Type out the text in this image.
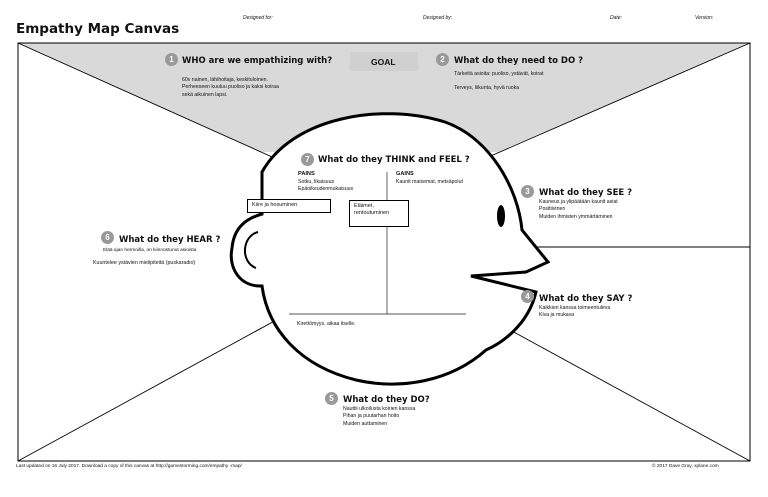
Designed for:	Designed by:	Date:	Version:
Empathy Map Canvas
GOAL
1 WHO are we empathizing with?
60v nainen, lähihoitaja, keskituloinen.
Perheeseen kuuluu puoliso ja kaksi koiraa
sekä aikuinen lapsi.
2	What do they need to DO ?
Tärkeitä asioita: puoliso, ystävät, koirat
Terveys, liikunta, hyvä ruoka
7 What do they THINK and FEEL ?
PAINS
Sotku, likaisuus
Epäoikeudenmukaisuus
GAINS
Kaunit maisemat, metsäpolut
Kiire ja hosuminen	Eläimet,
rentoutuminen
Kirettömyys, aikaa itselle.
3	What do they SEE ?
Kauneus ja ylipäätään kaunit asiat
Positiivinen
Muiden ihmisten ymmärtäminen
6	What do they HEAR ?
Elää ajan hermoilla, on kiinnostunut asioista
Kuuntelee ystävien mielipiteitä (puskaradio)
4	What do they SAY ?
Kaikkien kanssa toimeentuleva
Kiva ja mukava
5	What do they DO?
Nauttii ulkoilusta koirien kanssa
Pihan ja puutarhan hoito
Muiden auttaminen
Last updated on 16 July 2017. Download a copy of this canvas at http://gamestorming.com/empathy -map/	© 2017 Dave Gray, xplane.com
